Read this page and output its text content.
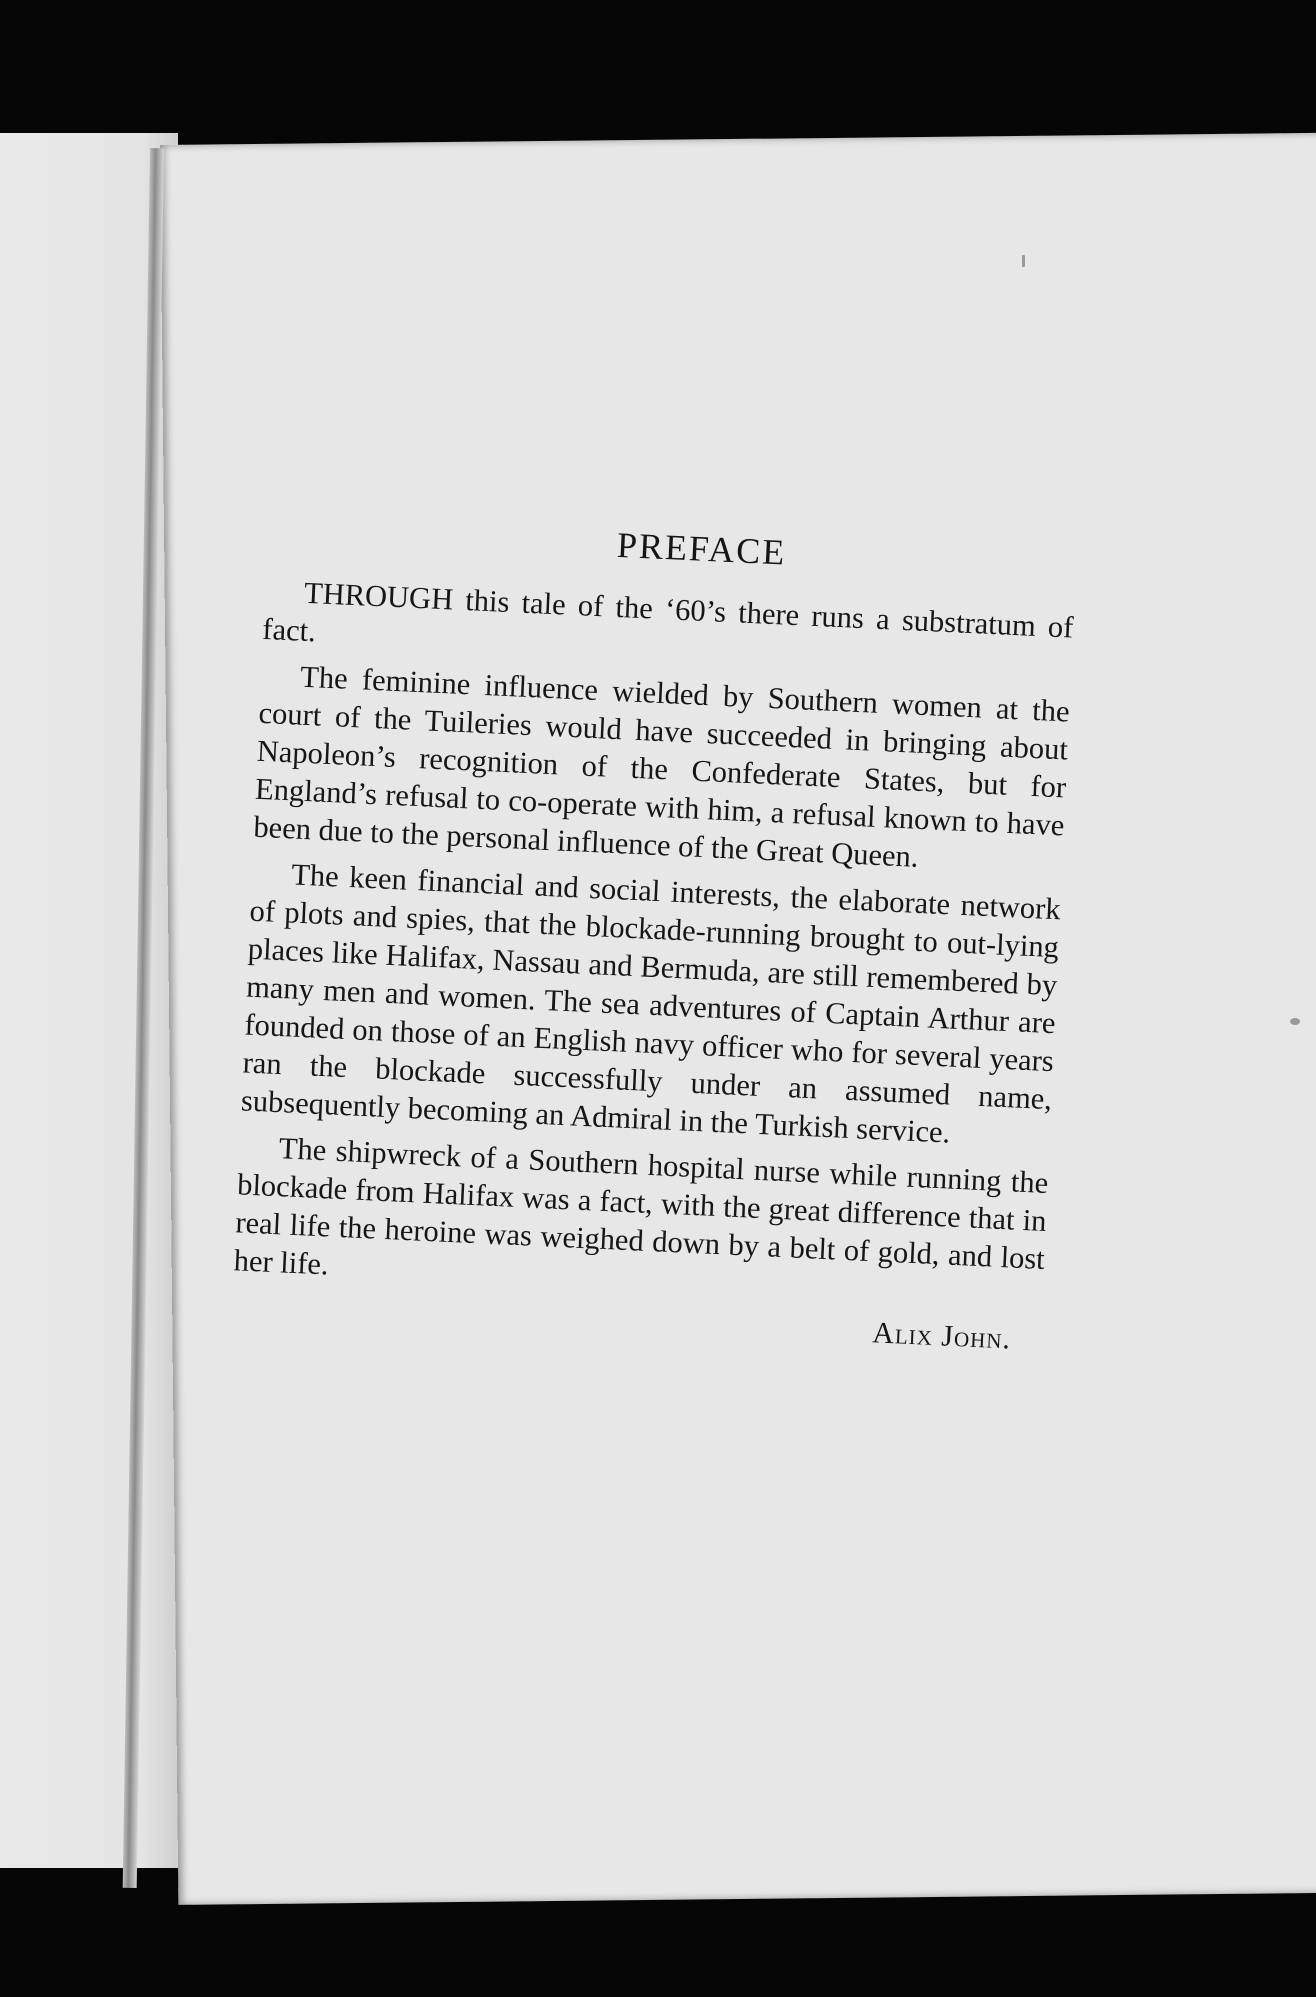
PREFACE

THROUGH this tale of the ‘60’s there runs a substratum of fact.

The feminine influence wielded by Southern women at the court of the Tuileries would have succeeded in bringing about Napoleon’s recognition of the Confederate States, but for England’s refusal to co-operate with him, a refusal known to have been due to the personal influence of the Great Queen.

The keen financial and social interests, the elaborate network of plots and spies, that the blockade-running brought to out-lying places like Halifax, Nassau and Bermuda, are still remembered by many men and women. The sea adventures of Captain Arthur are founded on those of an English navy officer who for several years ran the blockade successfully under an assumed name, subsequently becoming an Admiral in the Turkish service.

The shipwreck of a Southern hospital nurse while running the blockade from Halifax was a fact, with the great difference that in real life the heroine was weighed down by a belt of gold, and lost her life.

Alix John.
